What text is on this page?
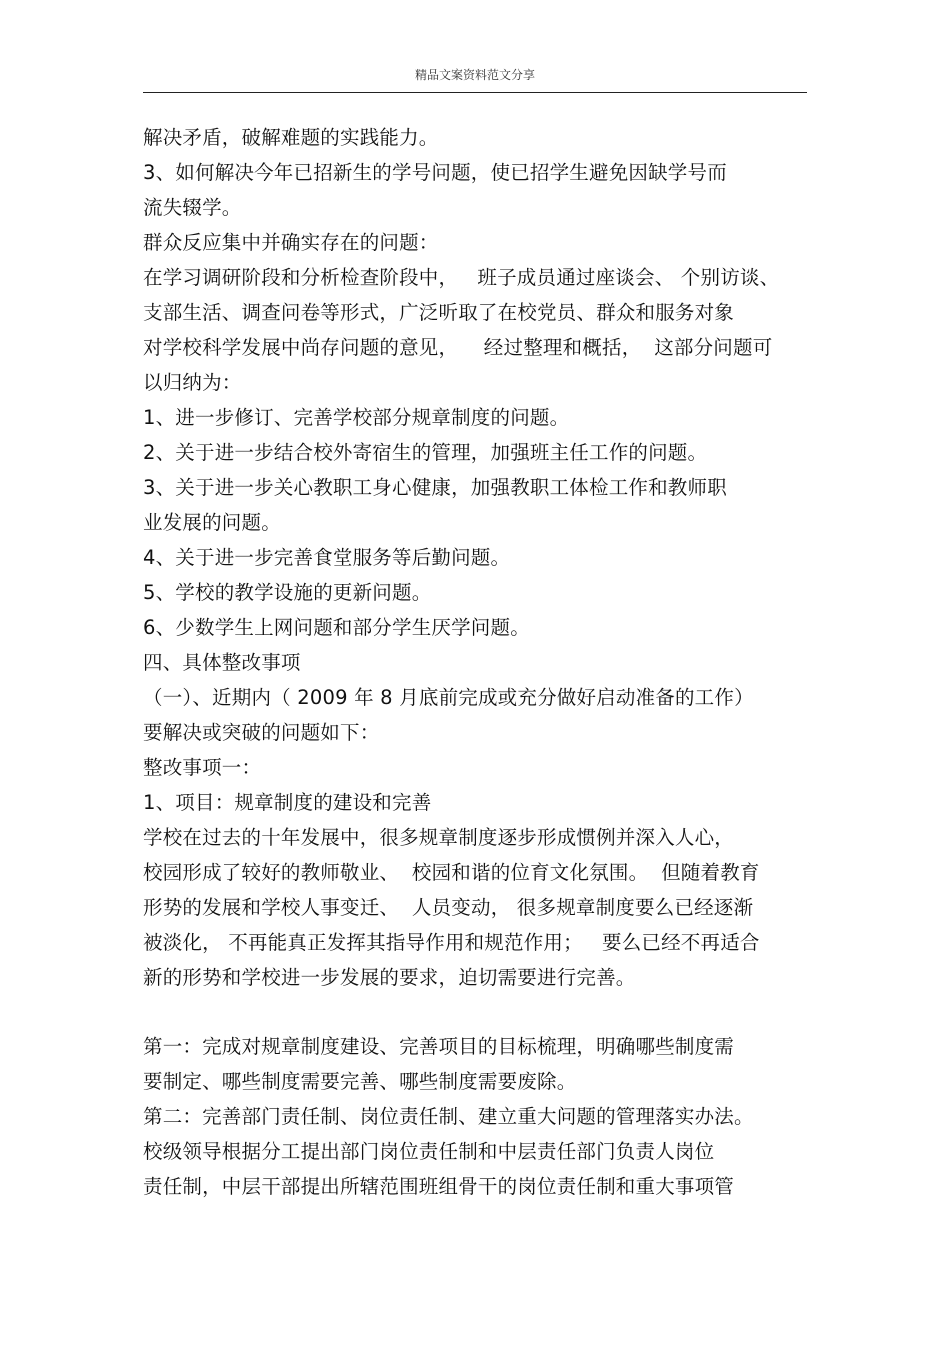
精品文案资料范文分享
解决矛盾，破解难题的实践能力。
3、如何解决今年已招新生的学号问题，使已招学生避免因缺学号而
流失辍学。
群众反应集中并确实存在的问题：
在学习调研阶段和分析检查阶段中，   班子成员通过座谈会、 个别访谈、
支部生活、调查问卷等形式，广泛听取了在校党员、群众和服务对象
对学校科学发展中尚存问题的意见，    经过整理和概括，  这部分问题可
以归纳为：
1、进一步修订、完善学校部分规章制度的问题。
2、关于进一步结合校外寄宿生的管理，加强班主任工作的问题。
3、关于进一步关心教职工身心健康，加强教职工体检工作和教师职
业发展的问题。
4、关于进一步完善食堂服务等后勤问题。
5、学校的教学设施的更新问题。
6、少数学生上网问题和部分学生厌学问题。
四、具体整改事项
（一）、近期内（ 2009 年 8 月底前完成或充分做好启动准备的工作）
要解决或突破的问题如下：
整改事项一：
1、项目：规章制度的建设和完善
学校在过去的十年发展中，很多规章制度逐步形成惯例并深入人心，
校园形成了较好的教师敬业、  校园和谐的位育文化氛围。  但随着教育
形势的发展和学校人事变迁、  人员变动， 很多规章制度要么已经逐渐
被淡化， 不再能真正发挥其指导作用和规范作用；   要么已经不再适合
新的形势和学校进一步发展的要求，迫切需要进行完善。
第一：完成对规章制度建设、完善项目的目标梳理，明确哪些制度需
要制定、哪些制度需要完善、哪些制度需要废除。
第二：完善部门责任制、岗位责任制、建立重大问题的管理落实办法。
校级领导根据分工提出部门岗位责任制和中层责任部门负责人岗位
责任制，中层干部提出所辖范围班组骨干的岗位责任制和重大事项管
